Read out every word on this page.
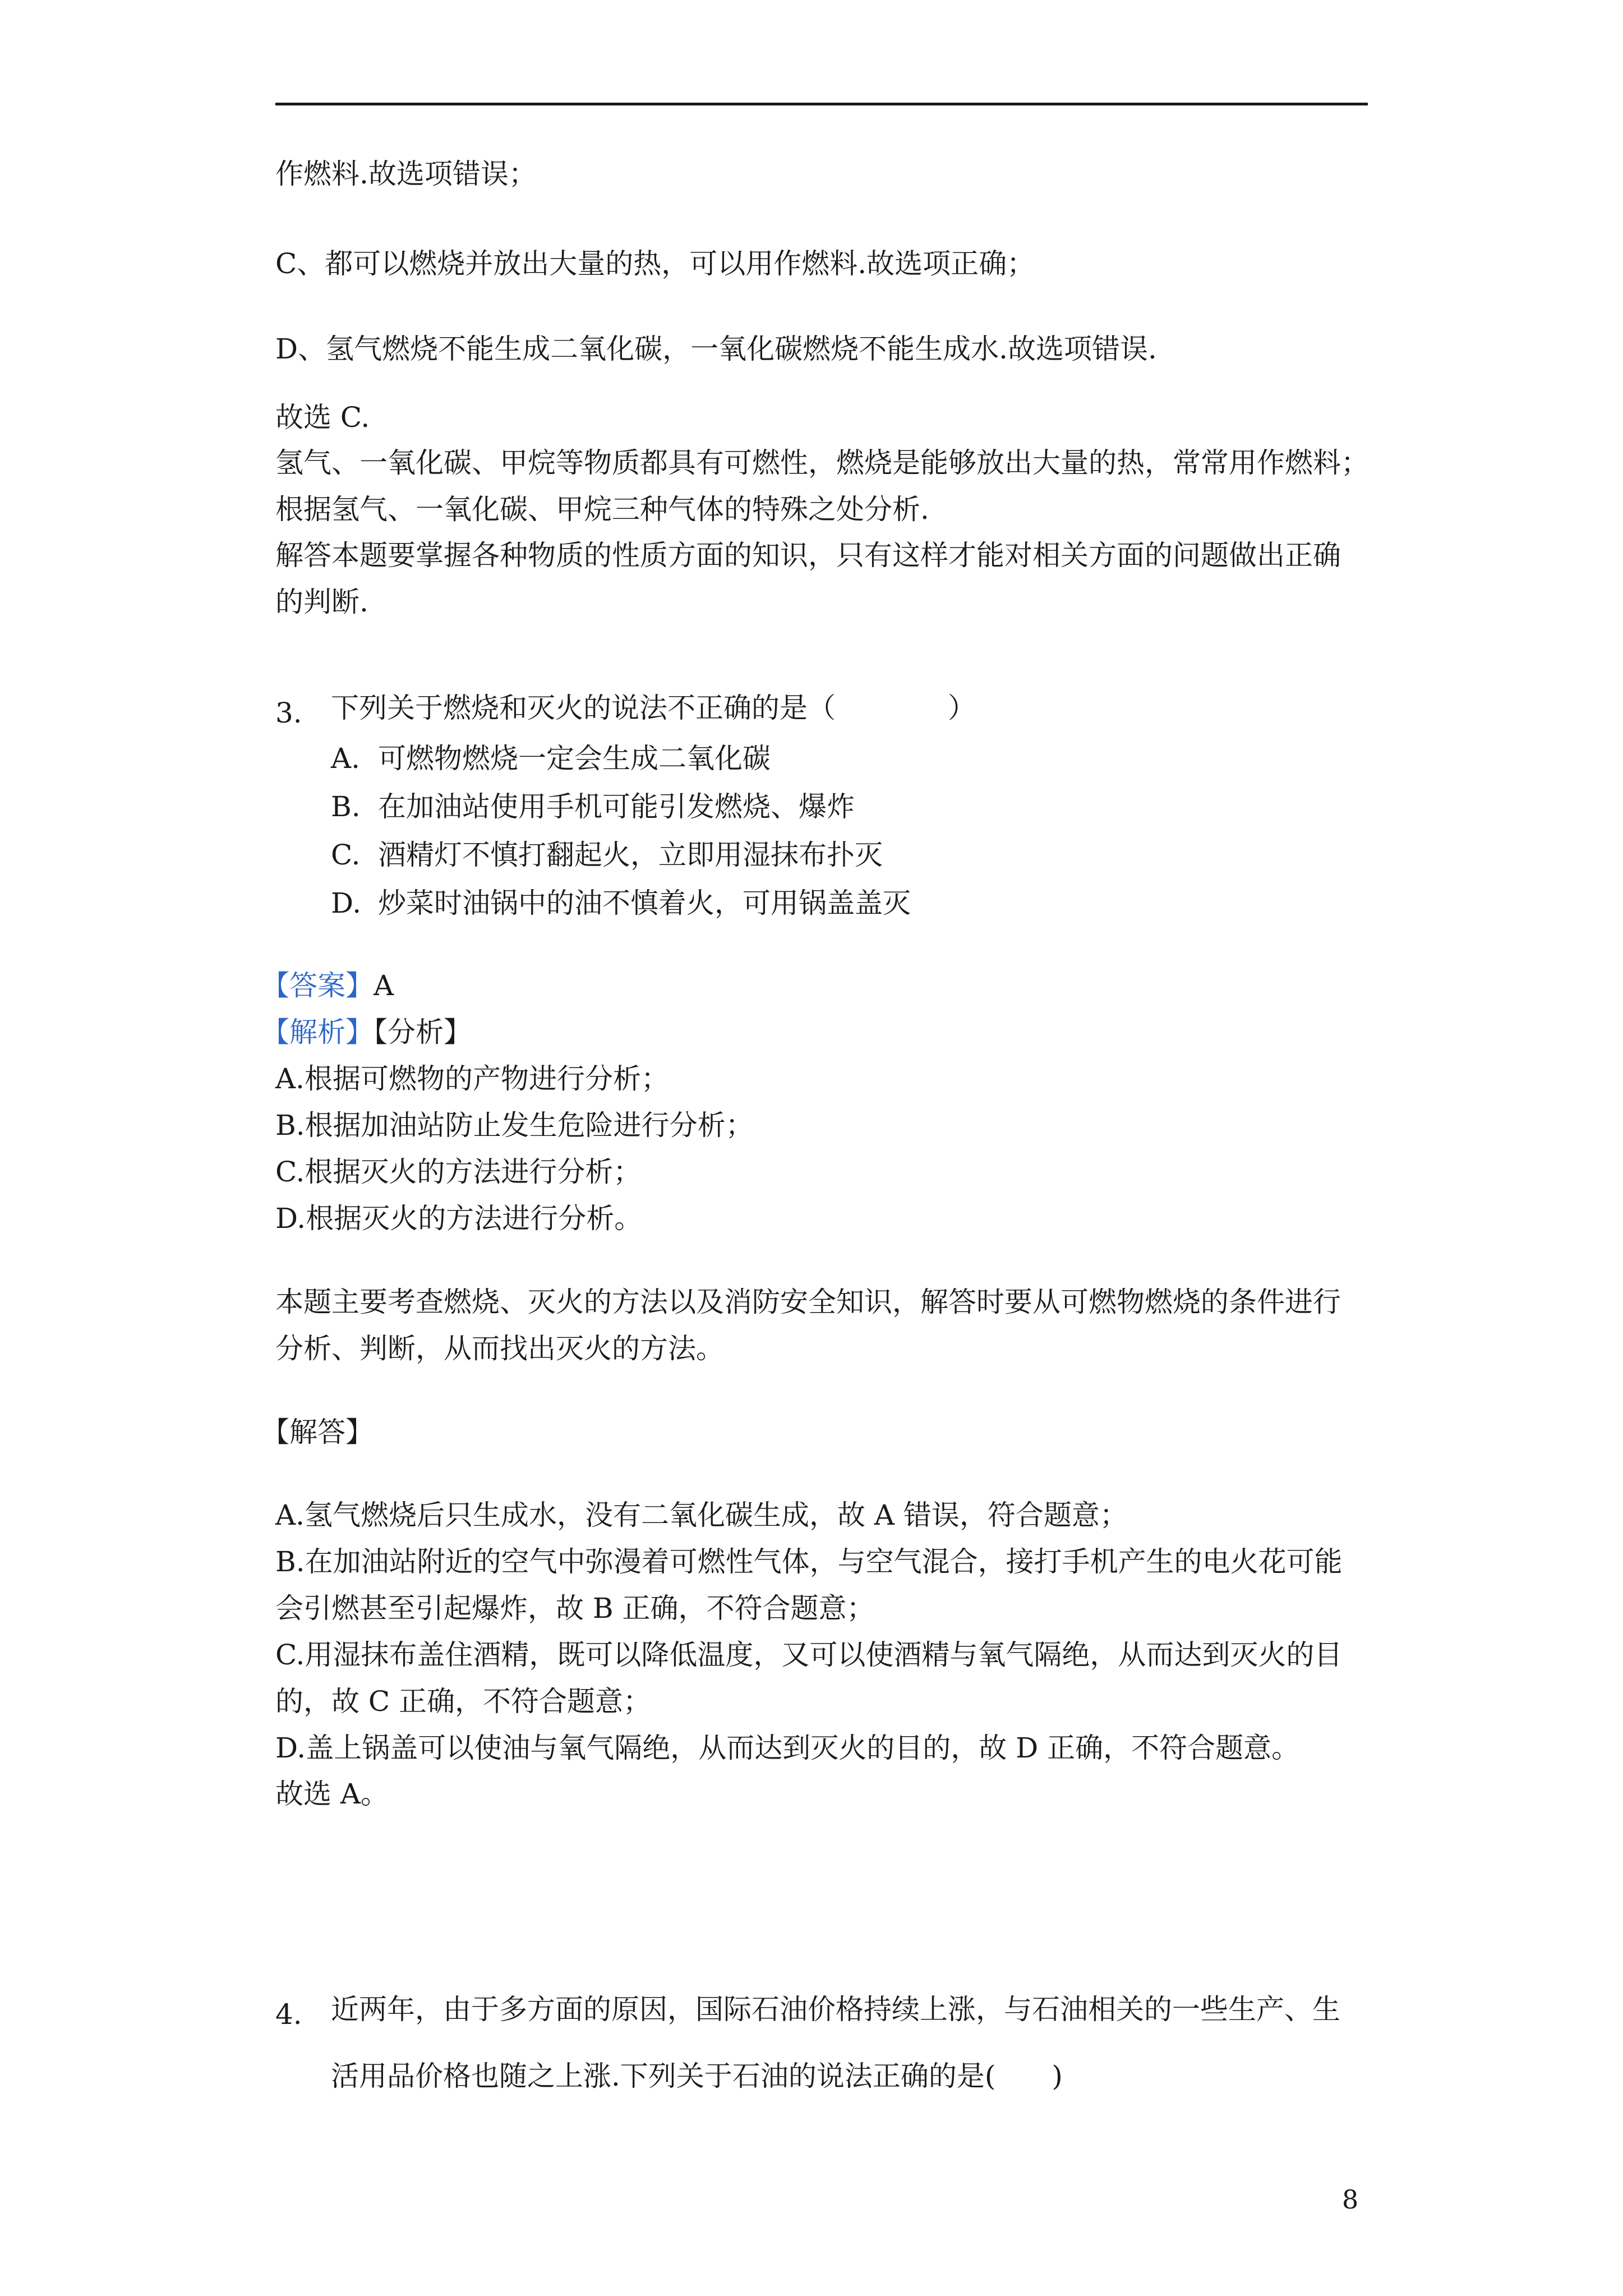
作燃料.故选项错误；
C、都可以燃烧并放出大量的热，可以用作燃料.故选项正确；
D、氢气燃烧不能生成二氧化碳，一氧化碳燃烧不能生成水.故选项错误.
故选 C.
氢气、一氧化碳、甲烷等物质都具有可燃性，燃烧是能够放出大量的热，常常用作燃料；
根据氢气、一氧化碳、甲烷三种气体的特殊之处分析.
解答本题要掌握各种物质的性质方面的知识，只有这样才能对相关方面的问题做出正确
的判断.
3. 下列关于燃烧和灭火的说法不正确的是（　　　　）
A. 可燃物燃烧一定会生成二氧化碳
B. 在加油站使用手机可能引发燃烧、爆炸
C. 酒精灯不慎打翻起火，立即用湿抹布扑灭
D. 炒菜时油锅中的油不慎着火，可用锅盖盖灭
【答案】A
【解析】【分析】
A.根据可燃物的产物进行分析；
B.根据加油站防止发生危险进行分析；
C.根据灭火的方法进行分析；
D.根据灭火的方法进行分析。
本题主要考查燃烧、灭火的方法以及消防安全知识，解答时要从可燃物燃烧的条件进行
分析、判断，从而找出灭火的方法。
【解答】
A.氢气燃烧后只生成水，没有二氧化碳生成，故 A 错误，符合题意；
B.在加油站附近的空气中弥漫着可燃性气体，与空气混合，接打手机产生的电火花可能
会引燃甚至引起爆炸，故 B 正确，不符合题意；
C.用湿抹布盖住酒精，既可以降低温度，又可以使酒精与氧气隔绝，从而达到灭火的目
的，故 C 正确，不符合题意；
D.盖上锅盖可以使油与氧气隔绝，从而达到灭火的目的，故 D 正确，不符合题意。
故选 A。
4. 近两年，由于多方面的原因，国际石油价格持续上涨，与石油相关的一些生产、生
活用品价格也随之上涨.下列关于石油的说法正确的是(　　)
8
